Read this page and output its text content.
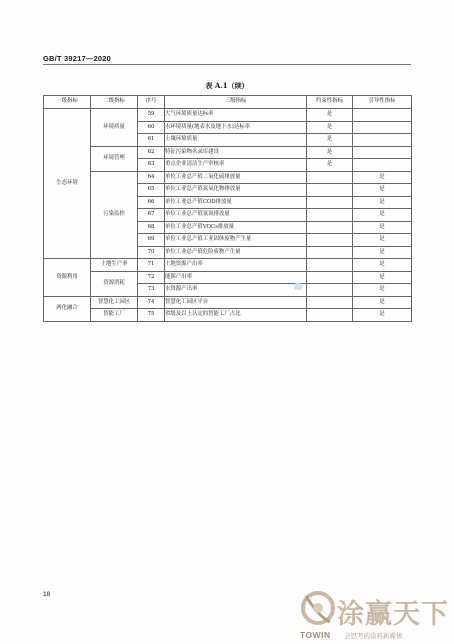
GB/T 39217—2020
表 A.1（续）
一级指标	二级指标	序号	三级指标	约束性指标	引导性指标
生态环境	环境质量	59	大气环境质量达标率	是	
		60	水环境质量(地表水及地下水)达标率	是	
		61	土壤环境质量	是	
	环境管理	62	特征污染物名录库建设	是	
		63	重点企业清洁生产审核率	是	
	污染监控	64	单位工业总产值二氧化硫排放量		是
		65	单位工业总产值氮氧化物排放量		是
		66	单位工业总产值COD排放量		是
		67	单位工业总产值氨氮排放量		是
		68	单位工业总产值VOCs排放量		是
		69	单位工业总产值工业固体废物产生量		是
		70	单位工业总产值危险废物产生量		是
资源利用	土地生产率	71	土地资源产出率		是
	资源消耗	72	能源产出率		是
		73	水资源产出率		是
两化融合	智慧化工园区	74	智慧化工园区平台		是
	智能工厂	75	省级及以上认定的智能工厂占比		是
18
涂赢天下
TOWIN 会思考的涂料新媒体
